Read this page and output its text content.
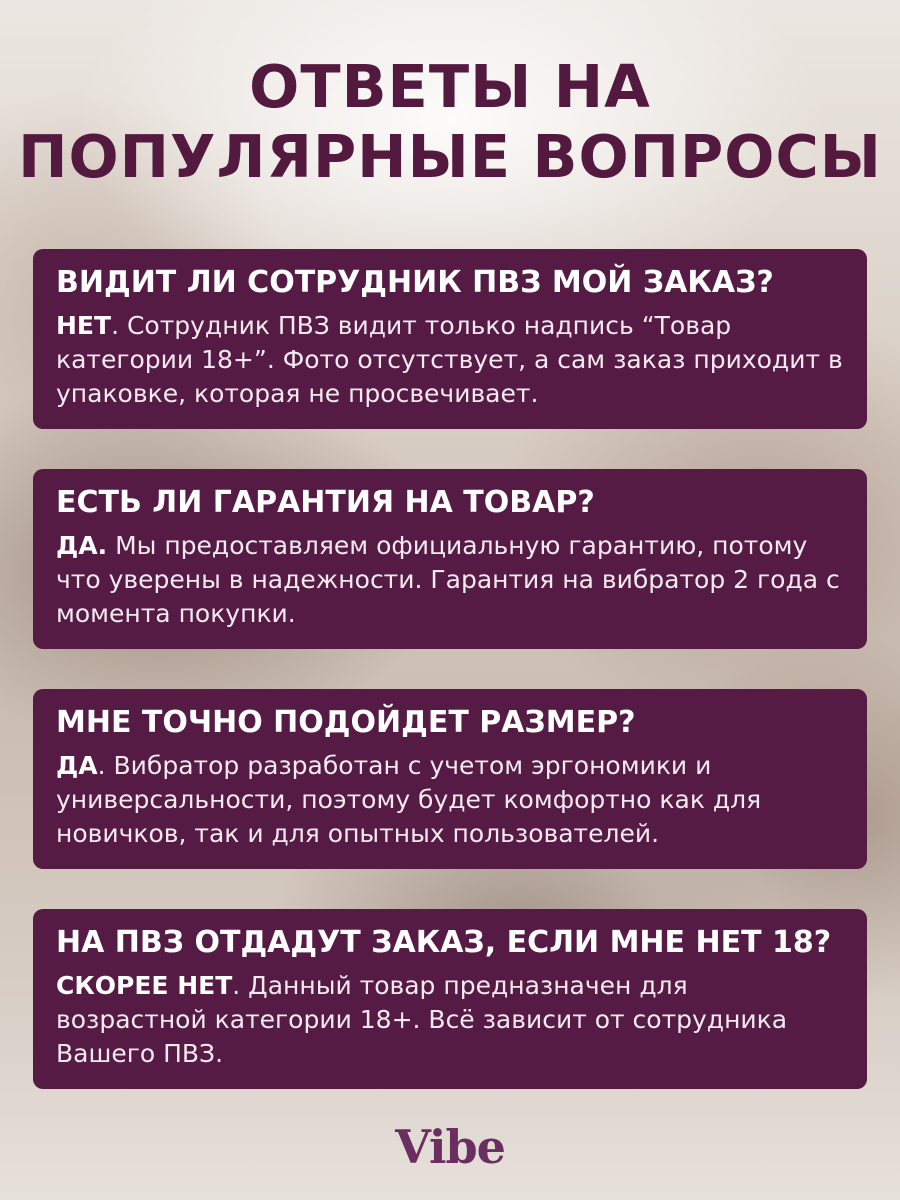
ОТВЕТЫ НА
ПОПУЛЯРНЫЕ ВОПРОСЫ
ВИДИТ ЛИ СОТРУДНИК ПВЗ МОЙ ЗАКАЗ?

НЕТ. Сотрудник ПВЗ видит только надпись “Товар категории 18+”. Фото отсутствует, а сам заказ приходит в упаковке, которая не просвечивает.

ЕСТЬ ЛИ ГАРАНТИЯ НА ТОВАР?

ДА. Мы предоставляем официальную гарантию, потому что уверены в надежности. Гарантия на вибратор 2 года с момента покупки.

МНЕ ТОЧНО ПОДОЙДЕТ РАЗМЕР?

ДА. Вибратор разработан с учетом эргономики и универсальности, поэтому будет комфортно как для новичков, так и для опытных пользователей.

НА ПВЗ ОТДАДУТ ЗАКАЗ, ЕСЛИ МНЕ НЕТ 18?

СКОРЕЕ НЕТ. Данный товар предназначен для возрастной категории 18+. Всё зависит от сотрудника Вашего ПВЗ.

Vibe
